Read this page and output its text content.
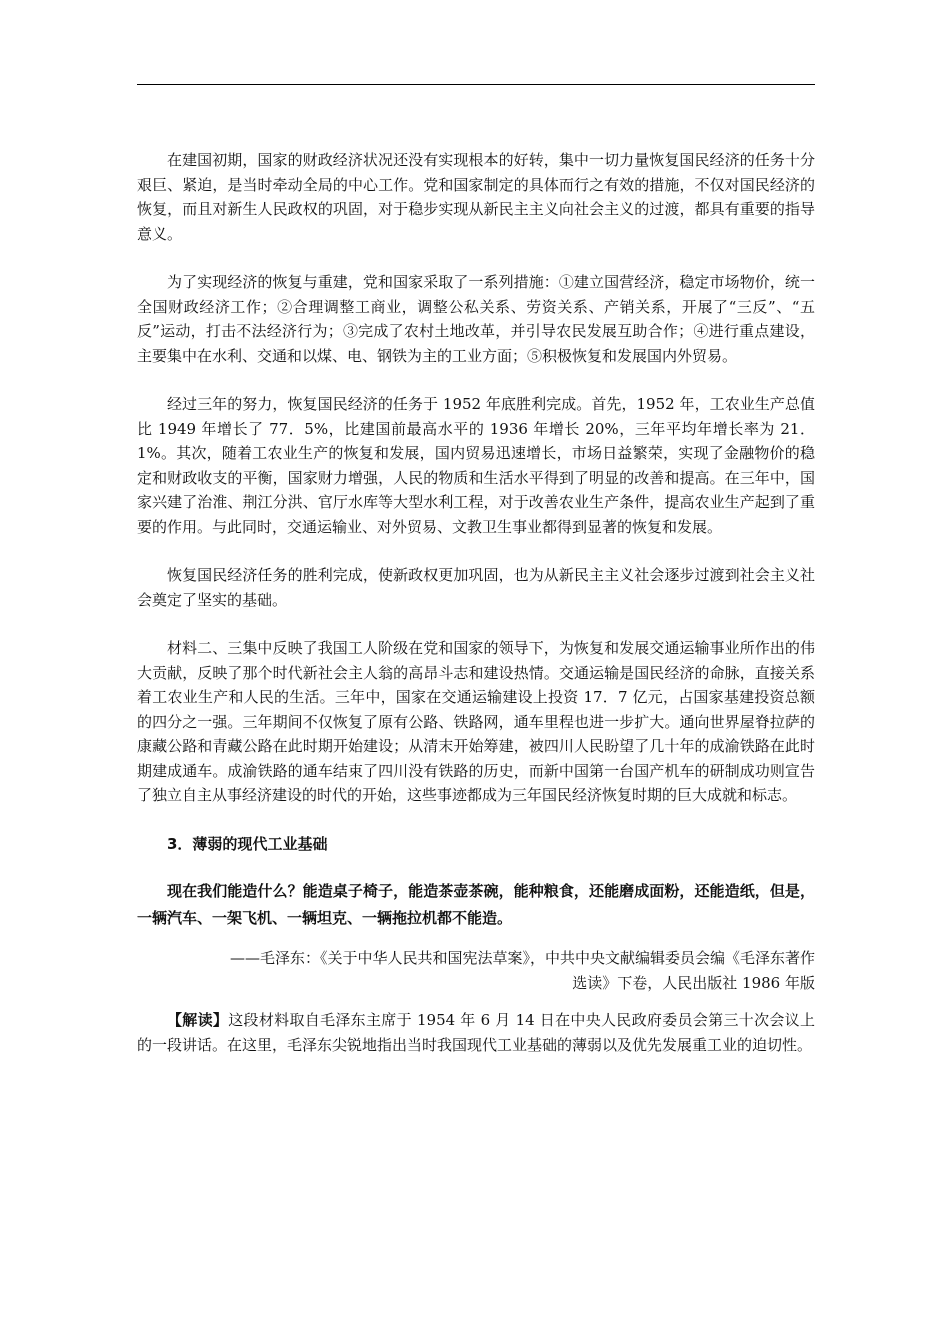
在建国初期，国家的财政经济状况还没有实现根本的好转，集中一切力量恢复国民经济的任务十分艰巨、紧迫，是当时牵动全局的中心工作。党和国家制定的具体而行之有效的措施，不仅对国民经济的恢复，而且对新生人民政权的巩固，对于稳步实现从新民主主义向社会主义的过渡，都具有重要的指导意义。

为了实现经济的恢复与重建，党和国家采取了一系列措施：①建立国营经济，稳定市场物价，统一全国财政经济工作；②合理调整工商业，调整公私关系、劳资关系、产销关系，开展了“三反”、“五反”运动，打击不法经济行为；③完成了农村土地改革，并引导农民发展互助合作；④进行重点建设，主要集中在水利、交通和以煤、电、钢铁为主的工业方面；⑤积极恢复和发展国内外贸易。

经过三年的努力，恢复国民经济的任务于 1952 年底胜利完成。首先，1952 年，工农业生产总值比 1949 年增长了 77．5%，比建国前最高水平的 1936 年增长 20%，三年平均年增长率为 21．1%。其次，随着工农业生产的恢复和发展，国内贸易迅速增长，市场日益繁荣，实现了金融物价的稳定和财政收支的平衡，国家财力增强，人民的物质和生活水平得到了明显的改善和提高。在三年中，国家兴建了治淮、荆江分洪、官厅水库等大型水利工程，对于改善农业生产条件，提高农业生产起到了重要的作用。与此同时，交通运输业、对外贸易、文教卫生事业都得到显著的恢复和发展。

恢复国民经济任务的胜利完成，使新政权更加巩固，也为从新民主主义社会逐步过渡到社会主义社会奠定了坚实的基础。

材料二、三集中反映了我国工人阶级在党和国家的领导下，为恢复和发展交通运输事业所作出的伟大贡献，反映了那个时代新社会主人翁的高昂斗志和建设热情。交通运输是国民经济的命脉，直接关系着工农业生产和人民的生活。三年中，国家在交通运输建设上投资 17．7 亿元，占国家基建投资总额的四分之一强。三年期间不仅恢复了原有公路、铁路网，通车里程也进一步扩大。通向世界屋脊拉萨的康藏公路和青藏公路在此时期开始建设；从清末开始筹建，被四川人民盼望了几十年的成渝铁路在此时期建成通车。成渝铁路的通车结束了四川没有铁路的历史，而新中国第一台国产机车的研制成功则宣告了独立自主从事经济建设的时代的开始，这些事迹都成为三年国民经济恢复时期的巨大成就和标志。

3．薄弱的现代工业基础

现在我们能造什么？能造桌子椅子，能造茶壶茶碗，能种粮食，还能磨成面粉，还能造纸，但是，一辆汽车、一架飞机、一辆坦克、一辆拖拉机都不能造。

——毛泽东：《关于中华人民共和国宪法草案》，中共中央文献编辑委员会编《毛泽东著作
选读》下卷，人民出版社 1986 年版

【解读】这段材料取自毛泽东主席于 1954 年 6 月 14 日在中央人民政府委员会第三十次会议上的一段讲话。在这里，毛泽东尖锐地指出当时我国现代工业基础的薄弱以及优先发展重工业的迫切性。
